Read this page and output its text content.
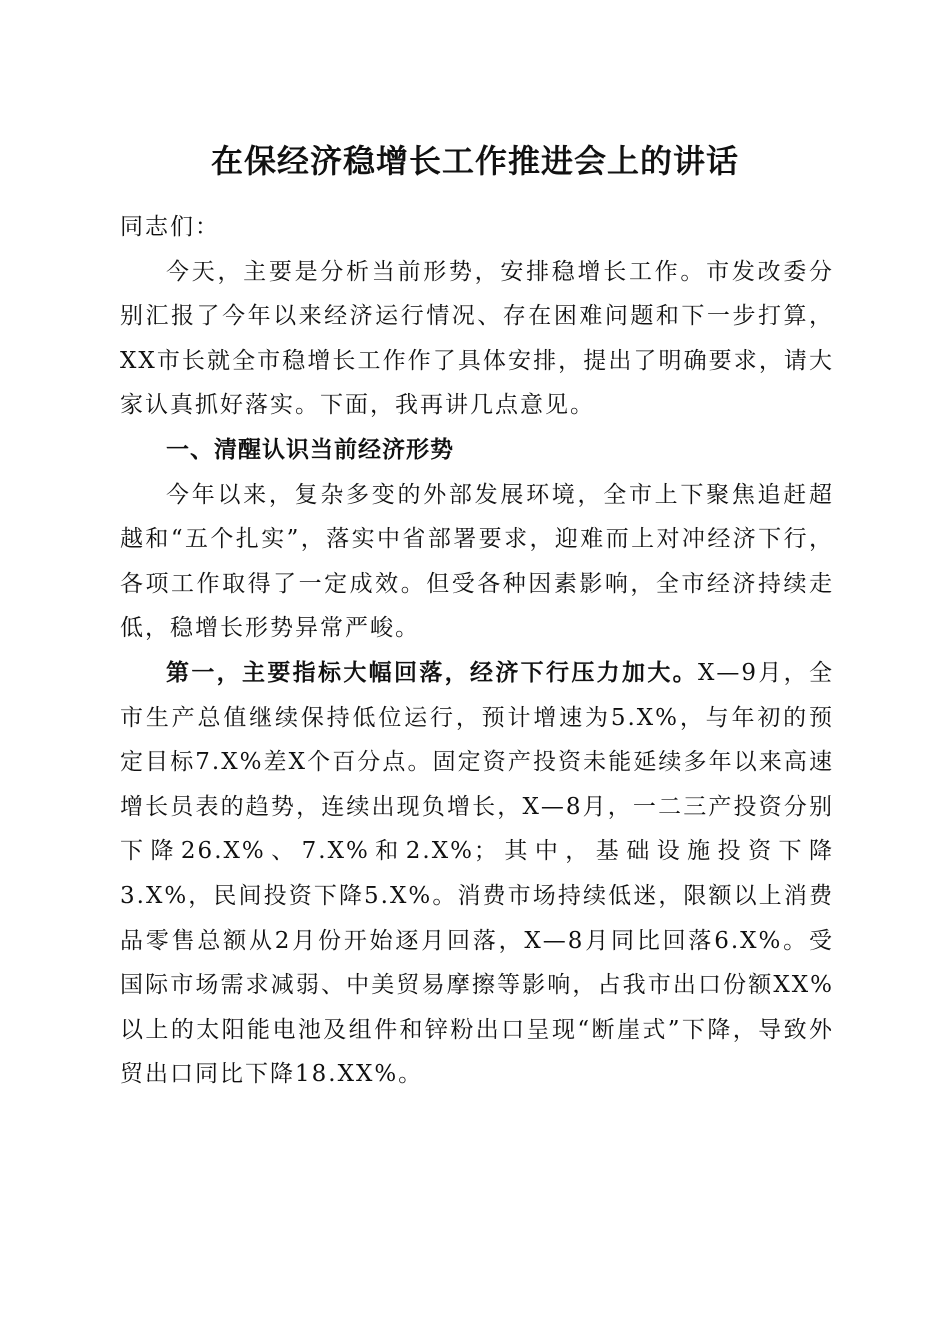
在保经济稳增长工作推进会上的讲话

同志们：

今天，主要是分析当前形势，安排稳增长工作。市发改委分别汇报了今年以来经济运行情况、存在困难问题和下一步打算，XX市长就全市稳增长工作作了具体安排，提出了明确要求，请大家认真抓好落实。下面，我再讲几点意见。

一、清醒认识当前经济形势

今年以来，复杂多变的外部发展环境，全市上下聚焦追赶超越和“五个扎实”，落实中省部署要求，迎难而上对冲经济下行，各项工作取得了一定成效。但受各种因素影响，全市经济持续走低，稳增长形势异常严峻。

第一，主要指标大幅回落，经济下行压力加大。X—9月，全市生产总值继续保持低位运行，预计增速为5.X%，与年初的预定目标7.X%差X个百分点。固定资产投资未能延续多年以来高速增长员表的趋势，连续出现负增长，X—8月，一二三产投资分别下降26.X%、7.X%和2.X%；其中，基础设施投资下降3.X%，民间投资下降5.X%。消费市场持续低迷，限额以上消费品零售总额从2月份开始逐月回落，X—8月同比回落6.X%。受国际市场需求减弱、中美贸易摩擦等影响，占我市出口份额XX%以上的太阳能电池及组件和锌粉出口呈现“断崖式”下降，导致外贸出口同比下降18.XX%。
